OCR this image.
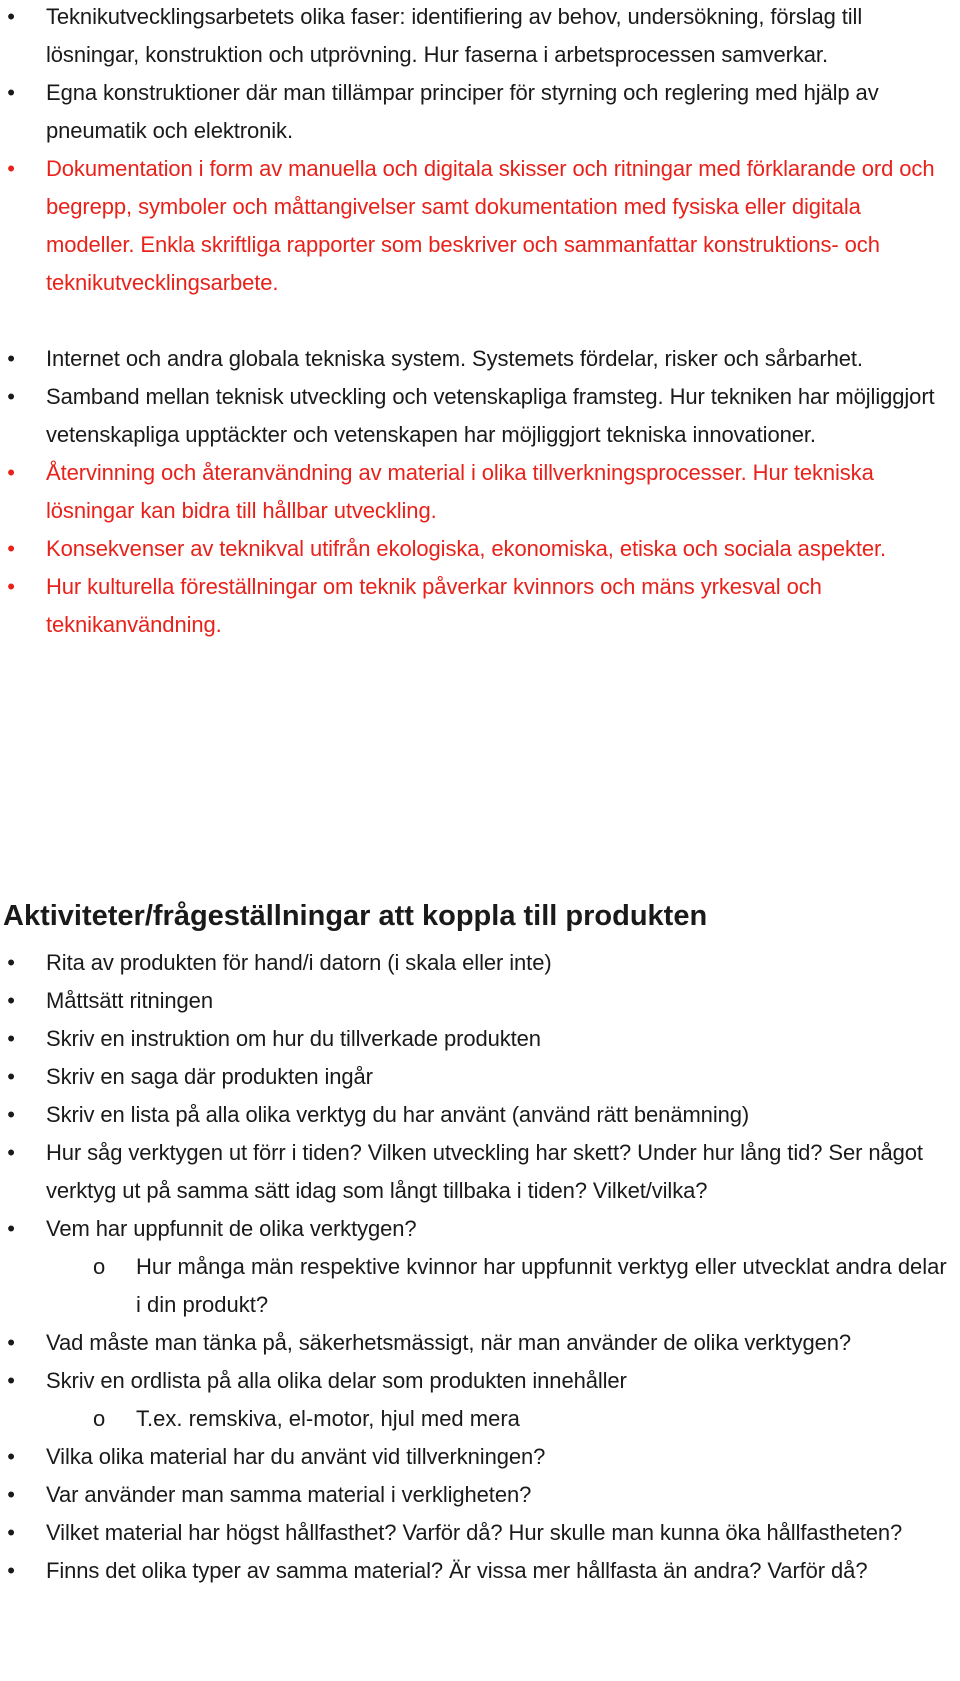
• Teknikutvecklingsarbetets olika faser: identifiering av behov, undersökning, förslag till lösningar, konstruktion och utprövning. Hur faserna i arbetsprocessen samverkar.
• Egna konstruktioner där man tillämpar principer för styrning och reglering med hjälp av pneumatik och elektronik.
• Dokumentation i form av manuella och digitala skisser och ritningar med förklarande ord och begrepp, symboler och måttangivelser samt dokumentation med fysiska eller digitala modeller. Enkla skriftliga rapporter som beskriver och sammanfattar konstruktions- och teknikutvecklingsarbete.
• Internet och andra globala tekniska system. Systemets fördelar, risker och sårbarhet.
• Samband mellan teknisk utveckling och vetenskapliga framsteg. Hur tekniken har möjliggjort vetenskapliga upptäckter och vetenskapen har möjliggjort tekniska innovationer.
• Återvinning och återanvändning av material i olika tillverkningsprocesser. Hur tekniska lösningar kan bidra till hållbar utveckling.
• Konsekvenser av teknikval utifrån ekologiska, ekonomiska, etiska och sociala aspekter.
• Hur kulturella föreställningar om teknik påverkar kvinnors och mäns yrkesval och teknikanvändning.
Aktiviteter/frågeställningar att koppla till produkten
• Rita av produkten för hand/i datorn (i skala eller inte)
• Måttsätt ritningen
• Skriv en instruktion om hur du tillverkade produkten
• Skriv en saga där produkten ingår
• Skriv en lista på alla olika verktyg du har använt (använd rätt benämning)
• Hur såg verktygen ut förr i tiden? Vilken utveckling har skett? Under hur lång tid? Ser något verktyg ut på samma sätt idag som långt tillbaka i tiden? Vilket/vilka?
• Vem har uppfunnit de olika verktygen?
o Hur många män respektive kvinnor har uppfunnit verktyg eller utvecklat andra delar i din produkt?
• Vad måste man tänka på, säkerhetsmässigt, när man använder de olika verktygen?
• Skriv en ordlista på alla olika delar som produkten innehåller
o T.ex. remskiva, el-motor, hjul med mera
• Vilka olika material har du använt vid tillverkningen?
• Var använder man samma material i verkligheten?
• Vilket material har högst hållfasthet? Varför då? Hur skulle man kunna öka hållfastheten?
• Finns det olika typer av samma material? Är vissa mer hållfasta än andra? Varför då?
